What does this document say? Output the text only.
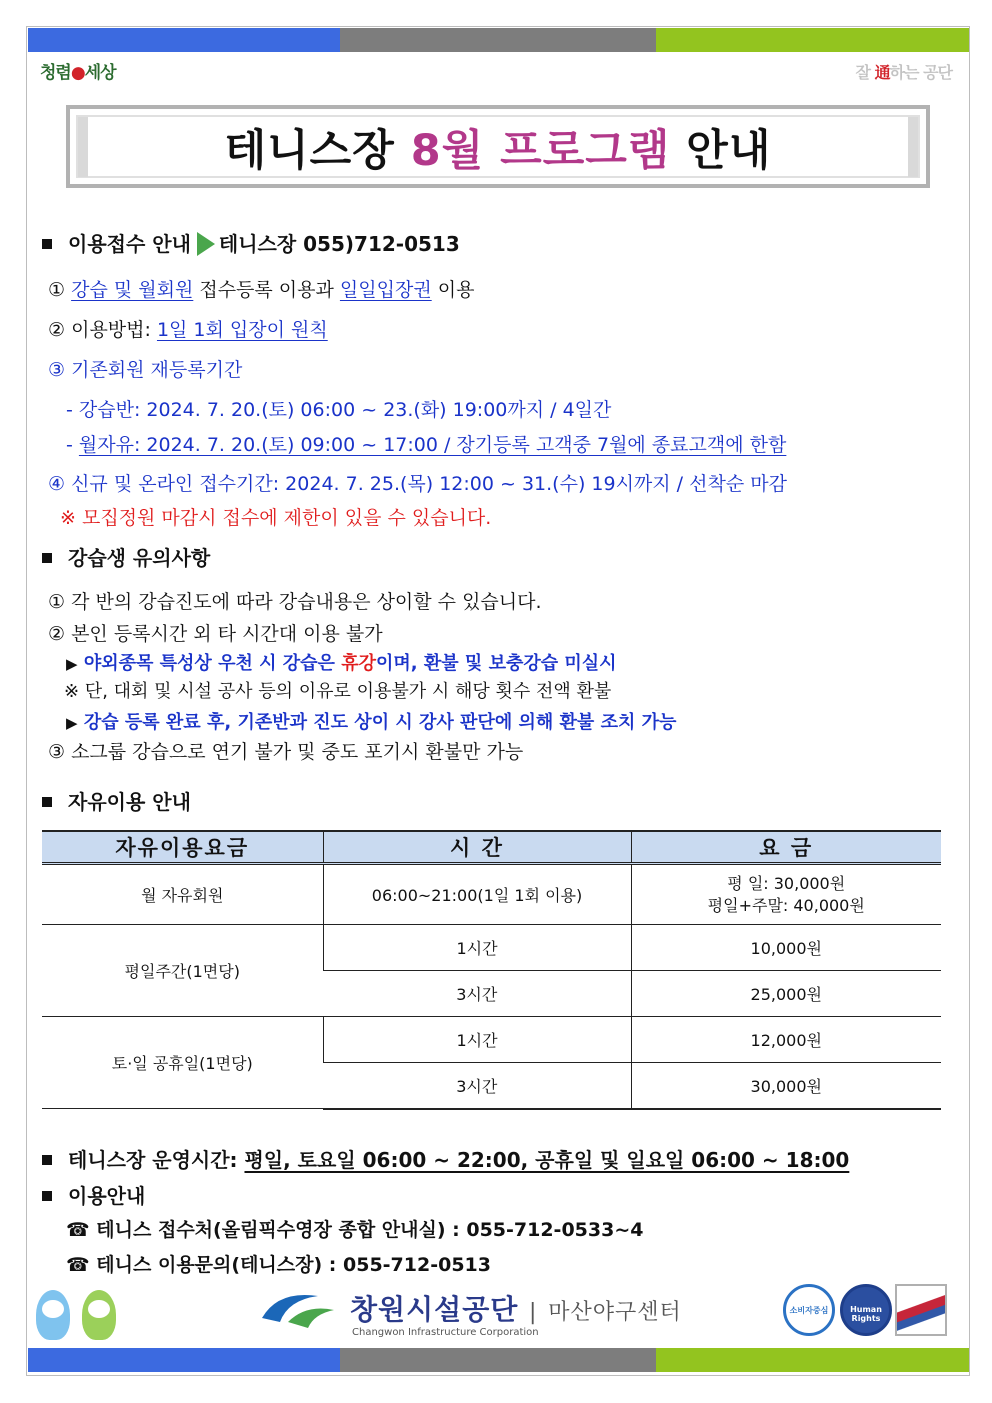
청렴●세상	잘 通하는 공단
테니스장 8월 프로그램 안내
이용접수 안내 테니스장 055)712-0513
① 강습 및 월회원 접수등록 이용과 일일입장권 이용
② 이용방법: 1일 1회 입장이 원칙
③ 기존회원 재등록기간
- 강습반: 2024. 7. 20.(토) 06:00 ~ 23.(화) 19:00까지 / 4일간
- 월자유: 2024. 7. 20.(토) 09:00 ~ 17:00 / 장기등록 고객중 7월에 종료고객에 한함
④ 신규 및 온라인 접수기간: 2024. 7. 25.(목) 12:00 ~ 31.(수) 19시까지 / 선착순 마감
※ 모집정원 마감시 접수에 제한이 있을 수 있습니다.
강습생 유의사항
① 각 반의 강습진도에 따라 강습내용은 상이할 수 있습니다.
② 본인 등록시간 외 타 시간대 이용 불가
▶ 야외종목 특성상 우천 시 강습은 휴강이며, 환불 및 보충강습 미실시
※ 단, 대회 및 시설 공사 등의 이유로 이용불가 시 해당 횟수 전액 환불
▶ 강습 등록 완료 후, 기존반과 진도 상이 시 강사 판단에 의해 환불 조치 가능
③ 소그룹 강습으로 연기 불가 및 중도 포기시 환불만 가능
자유이용 안내
자유이용요금	시 간	요 금
월 자유회원	06:00~21:00(1일 1회 이용)	평 일: 30,000원
평일+주말: 40,000원

평일주간(1면당)	1시간	10,000원
	3시간	25,000원
토·일 공휴일(1면당)	1시간	12,000원
	3시간	30,000원
테니스장 운영시간: 평일, 토요일 06:00 ~ 22:00, 공휴일 및 일요일 06:00 ~ 18:00
이용안내
☎ 테니스 접수처(올림픽수영장 종합 안내실) : 055-712-0533~4
☎ 테니스 이용문의(테니스장) : 055-712-0513
창원시설공단 | 마산야구센터
Changwon Infrastructure Corporation
소비자중심	Human Rights
